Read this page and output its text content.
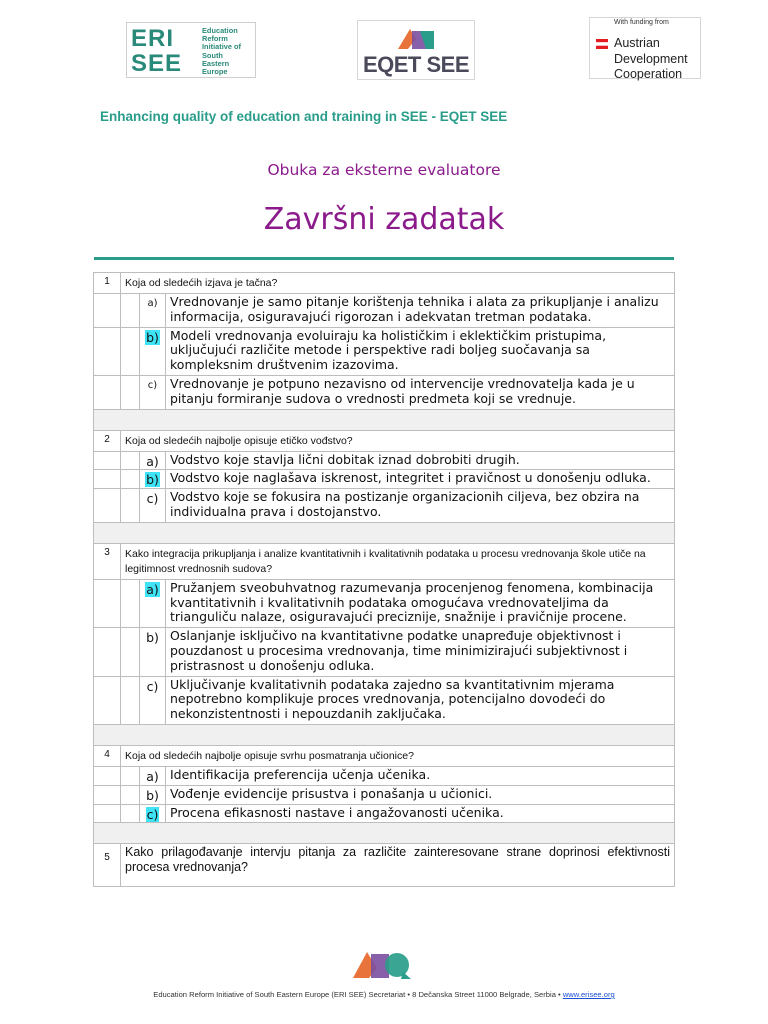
ERI
SEE
Education
Reform
Initiative of
South
Eastern
Europe	EQET SEE
With funding from
Austrian
Development
Cooperation
Enhancing quality of education and training in SEE - EQET SEE
Obuka za eksterne evaluatore
Završni zadatak
1	Koja od sledećih izjava je tačna?		
		a)	Vrednovanje je samo pitanje korištenja tehnika i alata za prikupljanje i analizu informacija, osiguravajući rigorozan i adekvatan tretman podataka.
		b)	Modeli vrednovanja evoluiraju ka holističkim i eklektičkim pristupima, uključujući različite metode i perspektive radi boljeg suočavanja sa kompleksnim društvenim izazovima.
		c)	Vrednovanje je potpuno nezavisno od intervencije vrednovatelja kada je u pitanju formiranje sudova o vrednosti predmeta koji se vrednuje.

2	Koja od sledećih najbolje opisuje etičko vođstvo?		
		a)	Vodstvo koje stavlja lični dobitak iznad dobrobiti drugih.
		b)	Vodstvo koje naglašava iskrenost, integritet i pravičnost u donošenju odluka.
		c)	Vodstvo koje se fokusira na postizanje organizacionih ciljeva, bez obzira na individualna prava i dostojanstvo.

3	Kako integracija prikupljanja i analize kvantitativnih i kvalitativnih podataka u procesu vrednovanja škole utiče na legitimnost vrednosnih sudova?		
		a)	Pružanjem sveobuhvatnog razumevanja procenjenog fenomena, kombinacija kvantitativnih i kvalitativnih podataka omogućava vrednovateljima da trianguliču nalaze, osiguravajući preciznije, snažnije i pravičnije procene.
		b)	Oslanjanje isključivo na kvantitativne podatke unapređuje objektivnost i pouzdanost u procesima vrednovanja, time minimizirajući subjektivnost i pristrasnost u donošenju odluka.
		c)	Uključivanje kvalitativnih podataka zajedno sa kvantitativnim mjerama nepotrebno komplikuje proces vrednovanja, potencijalno dovodeći do nekonzistentnosti i nepouzdanih zaključaka.

4	Koja od sledećih najbolje opisuje svrhu posmatranja učionice?		
		a)	Identifikacija preferencija učenja učenika.
		b)	Vođenje evidencije prisustva i ponašanja u učionici.
		c)	Procena efikasnosti nastave i angažovanosti učenika.

5	Kako prilagođavanje intervju pitanja za različite zainteresovane strane doprinosi efektivnosti procesa vrednovanja?		
Education Reform Initiative of South Eastern Europe (ERI SEE) Secretariat • 8 Dečanska Street 11000 Belgrade, Serbia • www.erisee.org
